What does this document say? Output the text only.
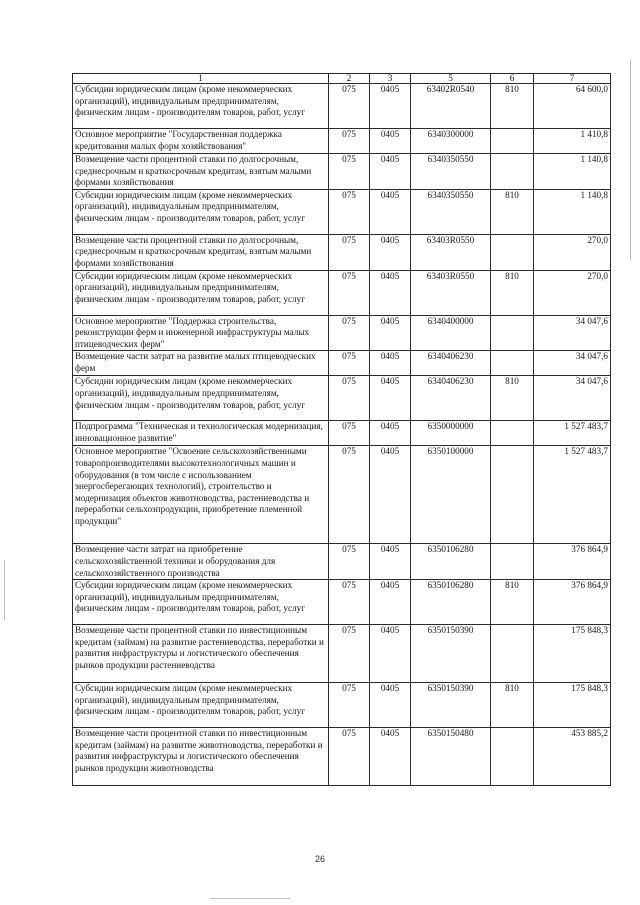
1	2	3	5	6	7
Субсидии юридическим лицам (кроме некоммерческих организаций), индивидуальным предпринимателям, физическим лицам - производителям товаров, работ, услуг	075	0405	63402R0540	810	64 600,0
Основное мероприятие "Государственная поддержка кредитования малых форм хозяйствования"	075	0405	6340300000		1 410,8
Возмещение части процентной ставки по долгосрочным, среднесрочным и краткосрочным кредитам, взятым малыми формами хозяйствования	075	0405	6340350550		1 140,8
Субсидии юридическим лицам (кроме некоммерческих организаций), индивидуальным предпринимателям, физическим лицам - производителям товаров, работ, услуг	075	0405	6340350550	810	1 140,8
Возмещение части процентной ставки по долгосрочным, среднесрочным и краткосрочным кредитам, взятым малыми формами хозяйствования	075	0405	63403R0550		270,0
Субсидии юридическим лицам (кроме некоммерческих организаций), индивидуальным предпринимателям, физическим лицам - производителям товаров, работ, услуг	075	0405	63403R0550	810	270,0
Основное мероприятие "Поддержка строительства, реконструкции ферм и инженерной инфраструктуры малых птицеводческих ферм"	075	0405	6340400000		34 047,6
Возмещение части затрат на развитие малых птицеводческих ферм	075	0405	6340406230		34 047,6
Субсидии юридическим лицам (кроме некоммерческих организаций), индивидуальным предпринимателям, физическим лицам - производителям товаров, работ, услуг	075	0405	6340406230	810	34 047,6
Подпрограмма "Техническая и технологическая модернизация, инновационное развитие"	075	0405	6350000000		1 527 483,7
Основное мероприятие "Освоение сельскохозяйственными товаропроизводителями высокотехнологичных машин и оборудования (в том числе с использованием энергосберегающих технологий), строительство и модернизация объектов животноводства, растениеводства и переработки сельхозпродукции, приобретение племенной продукции"	075	0405	6350100000		1 527 483,7
Возмещение части затрат на приобретение сельскохозяйственной техники и оборудования для сельскохозяйственного производства	075	0405	6350106280		376 864,9
Субсидии юридическим лицам (кроме некоммерческих организаций), индивидуальным предпринимателям, физическим лицам - производителям товаров, работ, услуг	075	0405	6350106280	810	376 864,9
Возмещение части процентной ставки по инвестиционным кредитам (займам) на развитие растениеводства, переработки и развития инфраструктуры и логистического обеспечения рынков продукции растениеводства	075	0405	6350150390		175 848,3
Субсидии юридическим лицам (кроме некоммерческих организаций), индивидуальным предпринимателям, физическим лицам - производителям товаров, работ, услуг	075	0405	6350150390	810	175 848,3
Возмещение части процентной ставки по инвестиционным кредитам (займам) на развитие животноводства, переработки и развития инфраструктуры и логистического обеспечения рынков продукции животноводства	075	0405	6350150480		453 885,2
26
